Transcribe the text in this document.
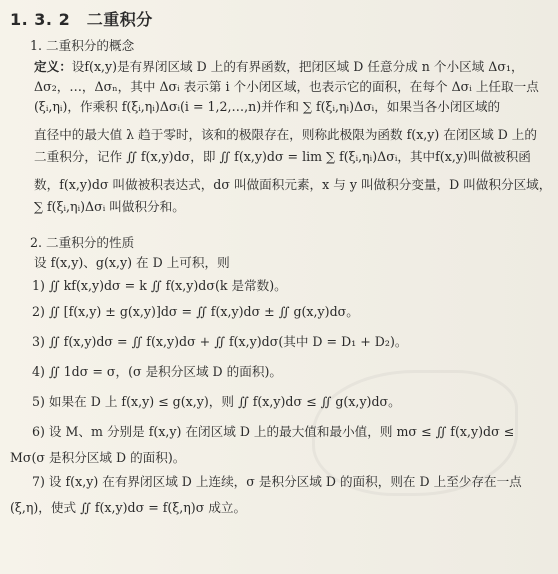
1. 3. 2　二重积分
1. 二重积分的概念
定义：设f(x,y)是有界闭区域 D 上的有界函数，把闭区域 D 任意分成 n 个小区域 Δσ₁，
Δσ₂，…，Δσₙ，其中 Δσᵢ 表示第 i 个小闭区域，也表示它的面积，在每个 Δσᵢ 上任取一点
(ξᵢ,ηᵢ)，作乘积 f(ξᵢ,ηᵢ)Δσᵢ(i = 1,2,…,n)并作和 ∑ f(ξᵢ,ηᵢ)Δσᵢ，如果当各小闭区域的
直径中的最大值 λ 趋于零时，该和的极限存在，则称此极限为函数 f(x,y) 在闭区域 D 上的
二重积分，记作 ∬ f(x,y)dσ，即 ∬ f(x,y)dσ = lim ∑ f(ξᵢ,ηᵢ)Δσᵢ，其中f(x,y)叫做被积函
数，f(x,y)dσ 叫做被积表达式，dσ 叫做面积元素，x 与 y 叫做积分变量，D 叫做积分区域，
∑ f(ξᵢ,ηᵢ)Δσᵢ 叫做积分和。
2. 二重积分的性质
设 f(x,y)、g(x,y) 在 D 上可积，则
1) ∬ kf(x,y)dσ = k ∬ f(x,y)dσ(k 是常数)。
2) ∬ [f(x,y) ± g(x,y)]dσ = ∬ f(x,y)dσ ± ∬ g(x,y)dσ。
3) ∬ f(x,y)dσ = ∬ f(x,y)dσ + ∬ f(x,y)dσ(其中 D = D₁ + D₂)。
4) ∬ 1dσ = σ，(σ 是积分区域 D 的面积)。
5) 如果在 D 上 f(x,y) ≤ g(x,y)，则 ∬ f(x,y)dσ ≤ ∬ g(x,y)dσ。
6) 设 M、m 分别是 f(x,y) 在闭区域 D 上的最大值和最小值，则 mσ ≤ ∬ f(x,y)dσ ≤
Mσ(σ 是积分区域 D 的面积)。
7) 设 f(x,y) 在有界闭区域 D 上连续，σ 是积分区域 D 的面积，则在 D 上至少存在一点
(ξ,η)，使式 ∬ f(x,y)dσ = f(ξ,η)σ 成立。
